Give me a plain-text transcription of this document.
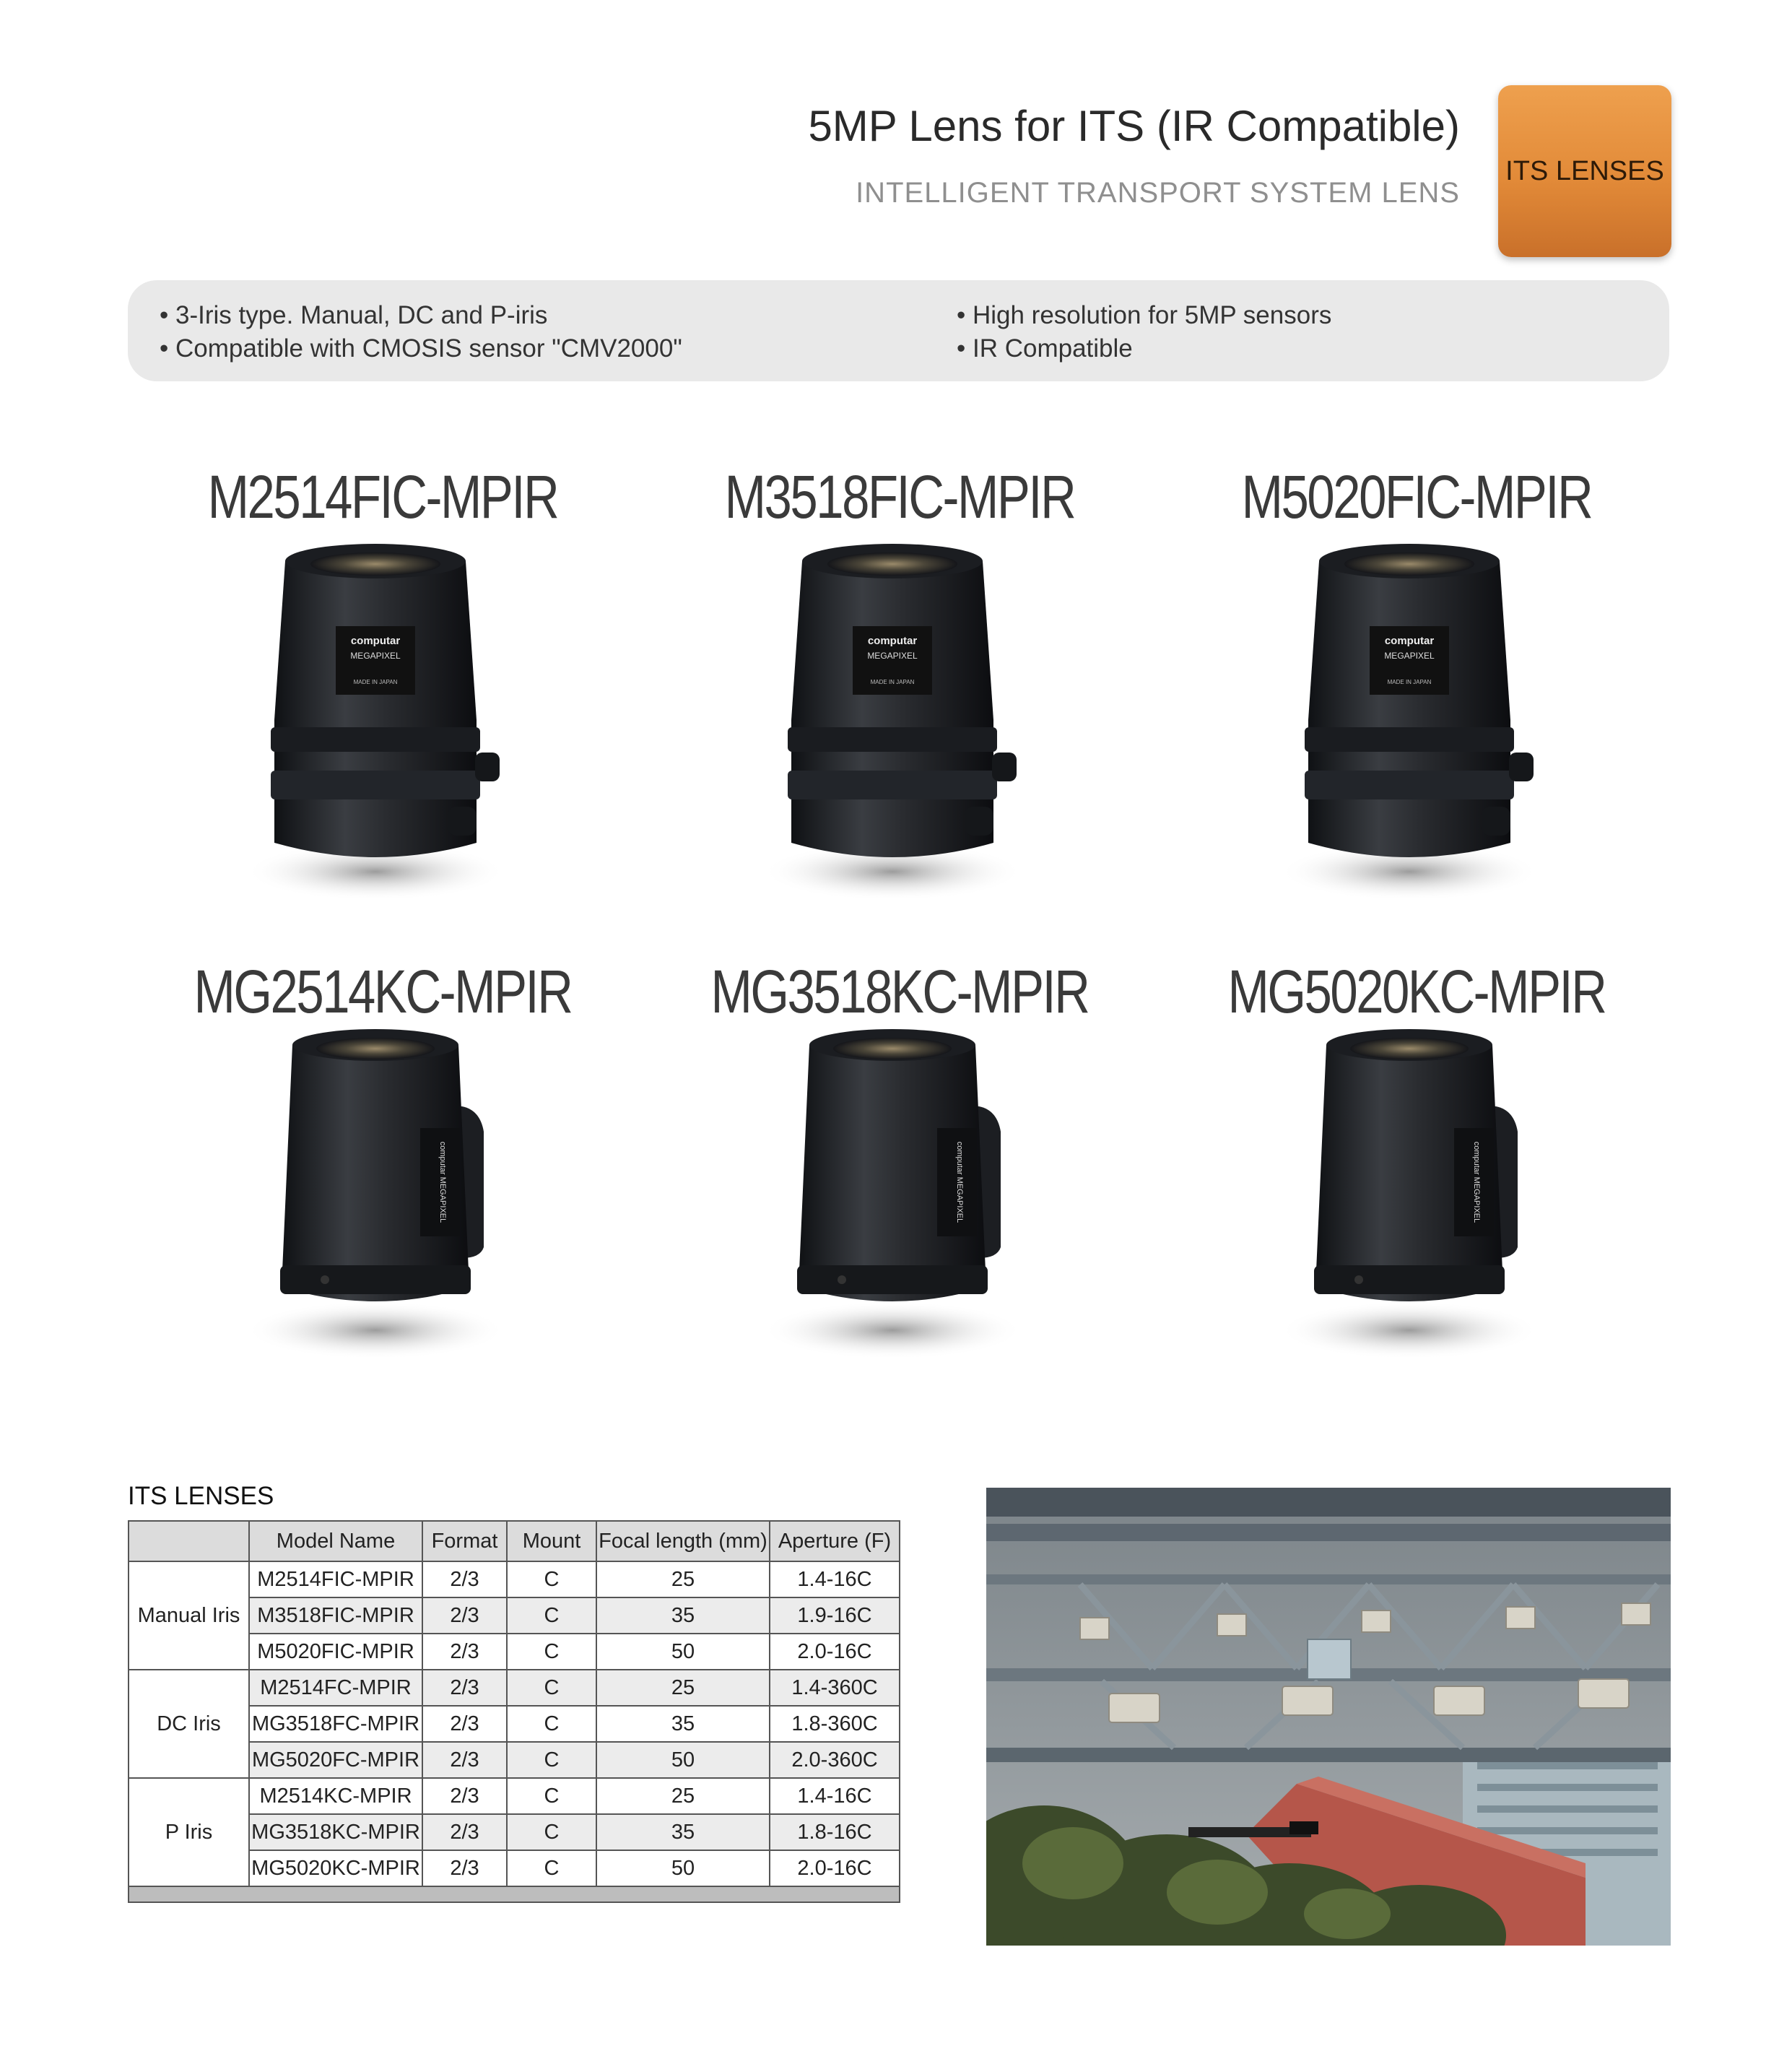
5MP Lens for ITS (IR Compatible)
INTELLIGENT TRANSPORT SYSTEM LENS
ITS LENSES
• 3-Iris type. Manual, DC and P-iris
• Compatible with CMOSIS sensor "CMV2000"
• High resolution for 5MP sensors
• IR Compatible
M2514FIC-MPIR	M3518FIC-MPIR	M5020FIC-MPIR
MG2514KC-MPIR	MG3518KC-MPIR	MG5020KC-MPIR
ITS LENSES
	Model Name	Format	Mount	Focal length (mm)	Aperture (F)
Manual Iris	M2514FIC-MPIR	2/3	C	25	1.4-16C
	M3518FIC-MPIR	2/3	C	35	1.9-16C
	M5020FIC-MPIR	2/3	C	50	2.0-16C
DC Iris	M2514FC-MPIR	2/3	C	25	1.4-360C
	MG3518FC-MPIR	2/3	C	35	1.8-360C
	MG5020FC-MPIR	2/3	C	50	2.0-360C
P Iris	M2514KC-MPIR	2/3	C	25	1.4-16C
	MG3518KC-MPIR	2/3	C	35	1.8-16C
	MG5020KC-MPIR	2/3	C	50	2.0-16C
